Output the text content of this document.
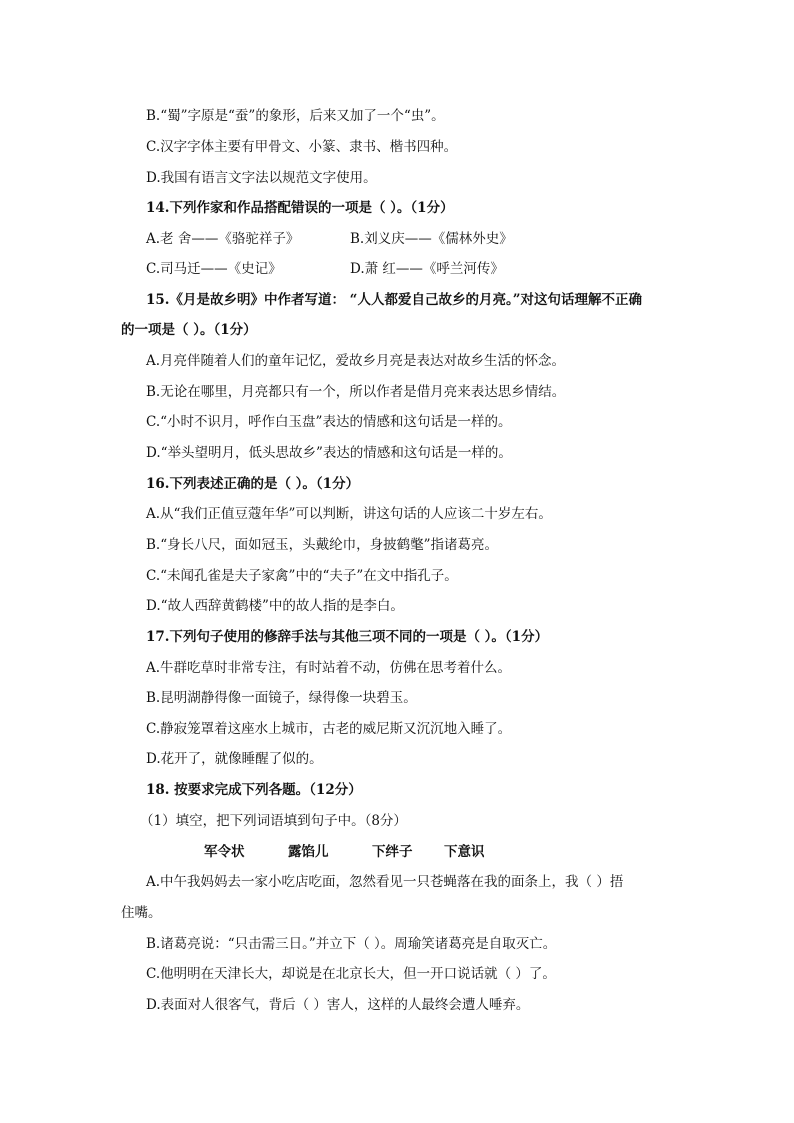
B.“蜀”字原是“蚕”的象形，后来又加了一个“虫”。
C.汉字字体主要有甲骨文、小篆、隶书、楷书四种。
D.我国有语言文字法以规范文字使用。
14.下列作家和作品搭配错误的一项是（ ）。（1分）
A.老 舍——《骆驼祥子》	B.刘义庆——《儒林外史》
C.司马迁——《史记》	D.萧 红——《呼兰河传》
15.《月是故乡明》中作者写道： “人人都爱自己故乡的月亮。”对这句话理解不正确
的一项是（ ）。（1分）
A.月亮伴随着人们的童年记忆，爱故乡月亮是表达对故乡生活的怀念。
B.无论在哪里，月亮都只有一个，所以作者是借月亮来表达思乡情结。
C.“小时不识月，呼作白玉盘”表达的情感和这句话是一样的。
D.“举头望明月，低头思故乡”表达的情感和这句话是一样的。
16.下列表述正确的是（ ）。（1分）
A.从“我们正值豆蔻年华”可以判断，讲这句话的人应该二十岁左右。
B.“身长八尺，面如冠玉，头戴纶巾，身披鹤氅”指诸葛亮。
C.“未闻孔雀是夫子家禽”中的“夫子”在文中指孔子。
D.“故人西辞黄鹤楼”中的故人指的是李白。
17.下列句子使用的修辞手法与其他三项不同的一项是（ ）。（1分）
A.牛群吃草时非常专注，有时站着不动，仿佛在思考着什么。
B.昆明湖静得像一面镜子，绿得像一块碧玉。
C.静寂笼罩着这座水上城市，古老的威尼斯又沉沉地入睡了。
D.花开了，就像睡醒了似的。
18. 按要求完成下列各题。（12分）
（1）填空，把下列词语填到句子中。（8分）
军令状	露馅儿	下绊子 下意识
A.中午我妈妈去一家小吃店吃面，忽然看见一只苍蝇落在我的面条上，我（ ）捂
住嘴。
B.诸葛亮说：“只击需三日。”并立下（ ）。周瑜笑诸葛亮是自取灭亡。
C.他明明在天津长大，却说是在北京长大，但一开口说话就（ ）了。
D.表面对人很客气，背后（ ）害人，这样的人最终会遭人唾弃。
